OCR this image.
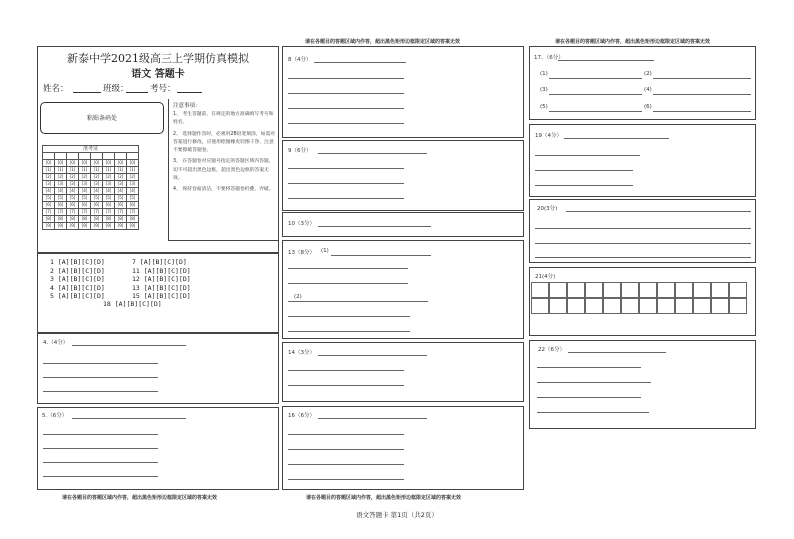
请在各题目的答题区域内作答，超出黑色矩形边框限定区域的答案无效	请在各题目的答题区域内作答，超出黑色矩形边框限定区域的答案无效
新泰中学2021级高三上学期仿真模拟
语文 答题卡
姓名：	班级：	考号：
粘贴条码处
准考证							

[0]	[0]	[0]	[0]	[0]	[0]	[0]	[0]
[1]	[1]	[1]	[1]	[1]	[1]	[1]	[1]
[2]	[2]	[2]	[2]	[2]	[2]	[2]	[2]
[3]	[3]	[3]	[3]	[3]	[3]	[3]	[3]
[4]	[4]	[4]	[4]	[4]	[4]	[4]	[4]
[5]	[5]	[5]	[5]	[5]	[5]	[5]	[5]
[6]	[6]	[6]	[6]	[6]	[6]	[6]	[6]
[7]	[7]	[7]	[7]	[7]	[7]	[7]	[7]
[8]	[8]	[8]	[8]	[8]	[8]	[8]	[8]
[9]	[9]	[9]	[9]	[9]	[9]	[9]	[9]
注意事项：
1、 考生答题前，在规定的地方准确填写考号和姓名。
2、 选择题作答时，必须用2B铅笔填涂，如需对答案进行修改，应使用绘图橡皮轻擦干净，注意不要擦破答题卷。
3、 在答题卷对应题号指定的答题区域内答题，切不可超出黑色边框，超出黑色边框的答案无效。
4、 保持卷面清洁，不要将答题卷折叠，弄破。
1 [A][B][C][D]
2 [A][B][C][D]
3 [A][B][C][D]
4 [A][B][C][D]
5 [A][B][C][D]
7 [A][B][C][D]
11 [A][B][C][D]
12 [A][B][C][D]
13 [A][B][C][D]
15 [A][B][C][D]
18 [A][B][C][D]
4.（4分）
5.（6分）
8（4分）
9（6分）
10（3分）
13（8分） (1)
(2)
14（3分）
16（6分）
17、（6分）
(1)	(2)
(3)	(4)
(5)	(6)
19（4分）
20(3分)
21(4分)
22（6分）
请在各题目的答题区域内作答，超出黑色矩形边框限定区域的答案无效	请在各题目的答题区域内作答，超出黑色矩形边框限定区域的答案无效
语文答题卡 第1页（共2页）
